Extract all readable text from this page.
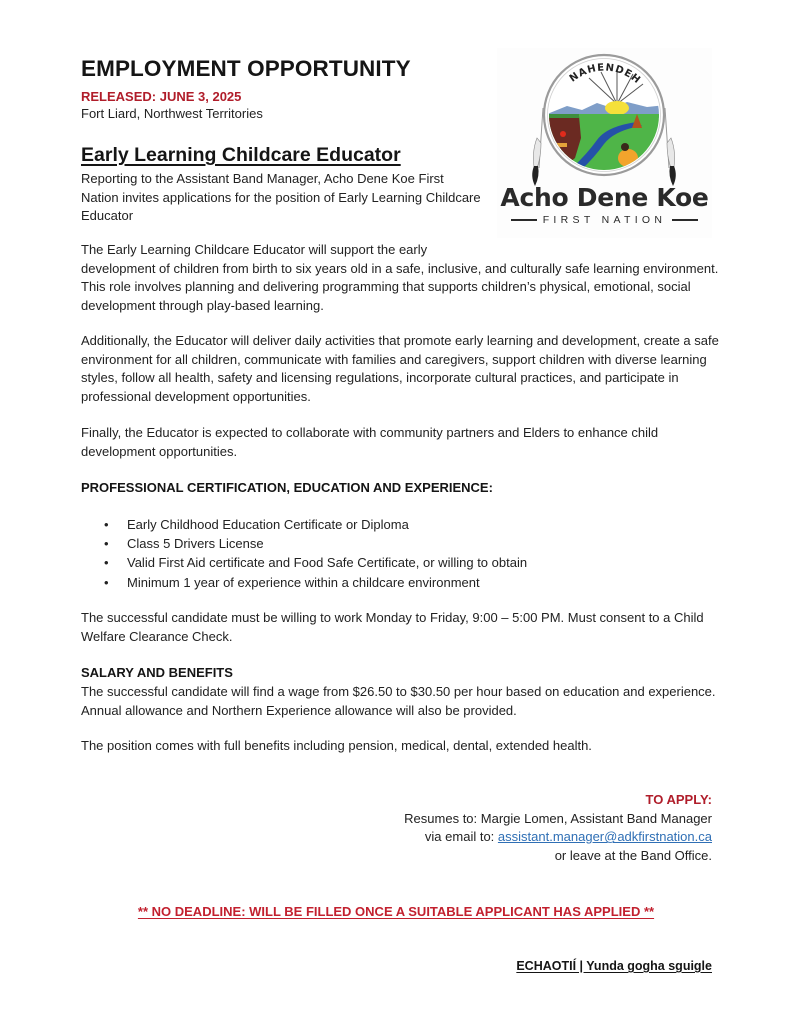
EMPLOYMENT OPPORTUNITY
RELEASED: JUNE 3, 2025
Fort Liard, Northwest Territories
NAHENDEH
Acho Dene Koe
FIRST NATION
Early Learning Childcare Educator
Reporting to the Assistant Band Manager, Acho Dene Koe First Nation invites applications for the position of Early Learning Childcare Educator
The Early Learning Childcare Educator will support the early
development of children from birth to six years old in a safe, inclusive, and culturally safe learning environment. This role involves planning and delivering programming that supports children’s physical, emotional, social development through play-based learning.
Additionally, the Educator will deliver daily activities that promote early learning and development, create a safe environment for all children, communicate with families and caregivers, support children with diverse learning styles, follow all health, safety and licensing regulations, incorporate cultural practices, and participate in professional development opportunities.
Finally, the Educator is expected to collaborate with community partners and Elders to enhance child development opportunities.
PROFESSIONAL CERTIFICATION, EDUCATION AND EXPERIENCE:
• Early Childhood Education Certificate or Diploma
• Class 5 Drivers License
• Valid First Aid certificate and Food Safe Certificate, or willing to obtain
• Minimum 1 year of experience within a childcare environment
The successful candidate must be willing to work Monday to Friday, 9:00 – 5:00 PM. Must consent to a Child Welfare Clearance Check.
SALARY AND BENEFITS
The successful candidate will find a wage from $26.50 to $30.50 per hour based on education and experience. Annual allowance and Northern Experience allowance will also be provided.
The position comes with full benefits including pension, medical, dental, extended health.
TO APPLY:
Resumes to: Margie Lomen, Assistant Band Manager
via email to: assistant.manager@adkfirstnation.ca
or leave at the Band Office.
** NO DEADLINE: WILL BE FILLED ONCE A SUITABLE APPLICANT HAS APPLIED **
ECHAOTIÍ | Yunda gogha sguigle
